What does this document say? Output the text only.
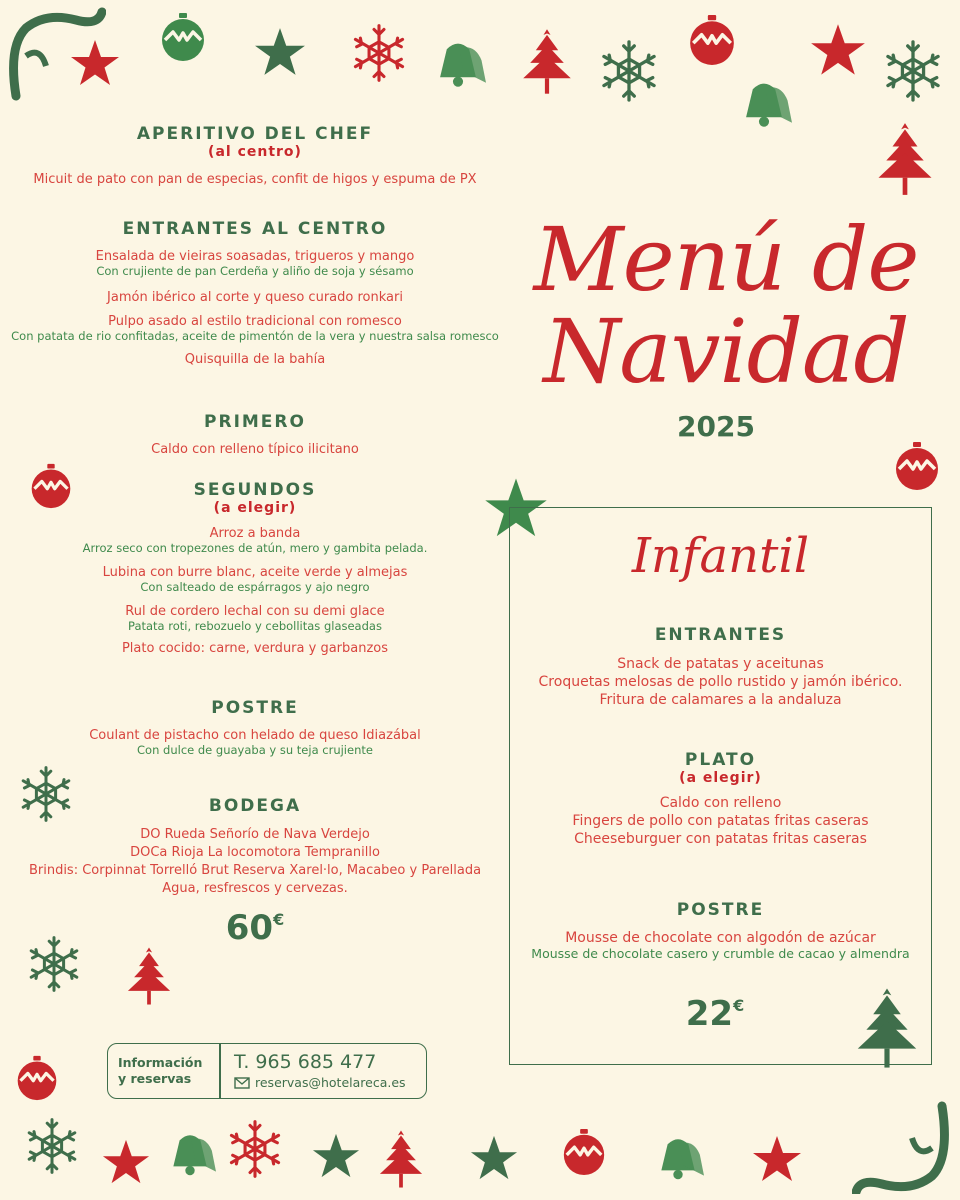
Menú de
Navidad
2025
APERITIVO DEL CHEF
(al centro)
Micuit de pato con pan de especias, confit de higos y espuma de PX
ENTRANTES AL CENTRO
Ensalada de vieiras soasadas, trigueros y mango
Con crujiente de pan Cerdeña y aliño de soja y sésamo
Jamón ibérico al corte y queso curado ronkari
Pulpo asado al estilo tradicional con romesco
Con patata de rio confitadas, aceite de pimentón de la vera y nuestra salsa romesco
Quisquilla de la bahía
PRIMERO
Caldo con relleno típico ilicitano
SEGUNDOS
(a elegir)
Arroz a banda
Arroz seco con tropezones de atún, mero y gambita pelada.
Lubina con burre blanc, aceite verde y almejas
Con salteado de espárragos y ajo negro
Rul de cordero lechal con su demi glace
Patata roti, rebozuelo y cebollitas glaseadas
Plato cocido: carne, verdura y garbanzos
POSTRE
Coulant de pistacho con helado de queso Idiazábal
Con dulce de guayaba y su teja crujiente
BODEGA
DO Rueda Señorío de Nava Verdejo
DOCa Rioja La locomotora Tempranillo
Brindis: Corpinnat Torrelló Brut Reserva Xarel·lo, Macabeo y Parellada
Agua, resfrescos y cervezas.
60€
Información
y reservas
T. 965 685 477
reservas@hotelareca.es
Infantil
ENTRANTES
Snack de patatas y aceitunas
Croquetas melosas de pollo rustido y jamón ibérico.
Fritura de calamares a la andaluza
PLATO
(a elegir)
Caldo con relleno
Fingers de pollo con patatas fritas caseras
Cheeseburguer con patatas fritas caseras
POSTRE
Mousse de chocolate con algodón de azúcar
Mousse de chocolate casero y crumble de cacao y almendra
22€
